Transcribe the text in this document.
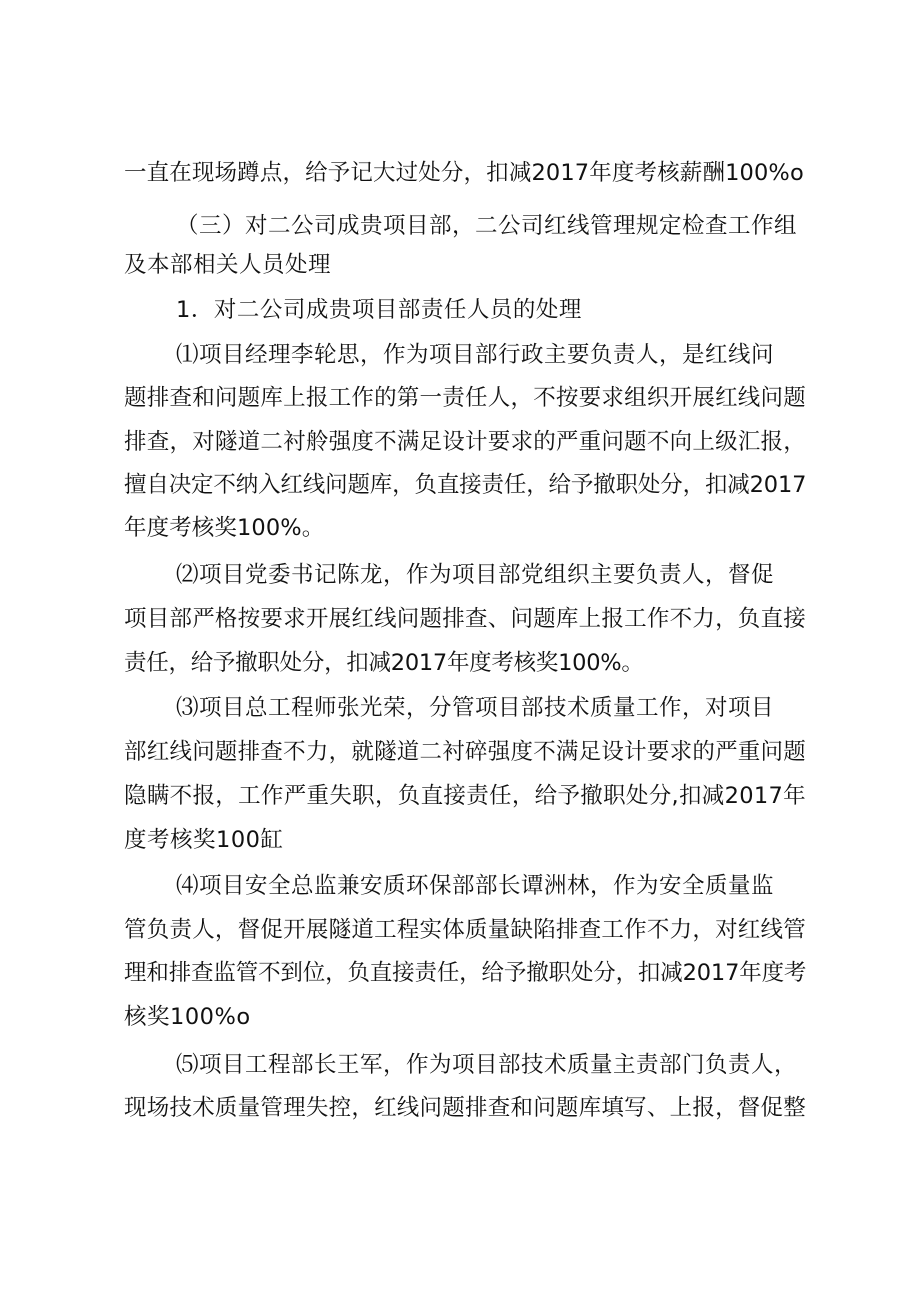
一直在现场蹲点，给予记大过处分，扣减2017年度考核薪酬100%o
（三）对二公司成贵项目部，二公司红线管理规定检查工作组
及本部相关人员处理
1．对二公司成贵项目部责任人员的处理
⑴项目经理李轮思，作为项目部行政主要负责人，是红线问
题排查和问题库上报工作的第一责任人，不按要求组织开展红线问题
排查，对隧道二衬舲强度不满足设计要求的严重问题不向上级汇报，
擅自决定不纳入红线问题库，负直接责任，给予撤职处分，扣减2017
年度考核奖100%。
⑵项目党委书记陈龙，作为项目部党组织主要负责人，督促
项目部严格按要求开展红线问题排查、问题库上报工作不力，负直接
责任，给予撤职处分，扣减2017年度考核奖100%。
⑶项目总工程师张光荣，分管项目部技术质量工作，对项目
部红线问题排查不力，就隧道二衬碎强度不满足设计要求的严重问题
隐瞒不报，工作严重失职，负直接责任，给予撤职处分,扣减2017年
度考核奖100缸
⑷项目安全总监兼安质环保部部长谭洲林，作为安全质量监
管负责人，督促开展隧道工程实体质量缺陷排查工作不力，对红线管
理和排查监管不到位，负直接责任，给予撤职处分，扣减2017年度考
核奖100%o
⑸项目工程部长王军，作为项目部技术质量主责部门负责人，
现场技术质量管理失控，红线问题排查和问题库填写、上报，督促整
